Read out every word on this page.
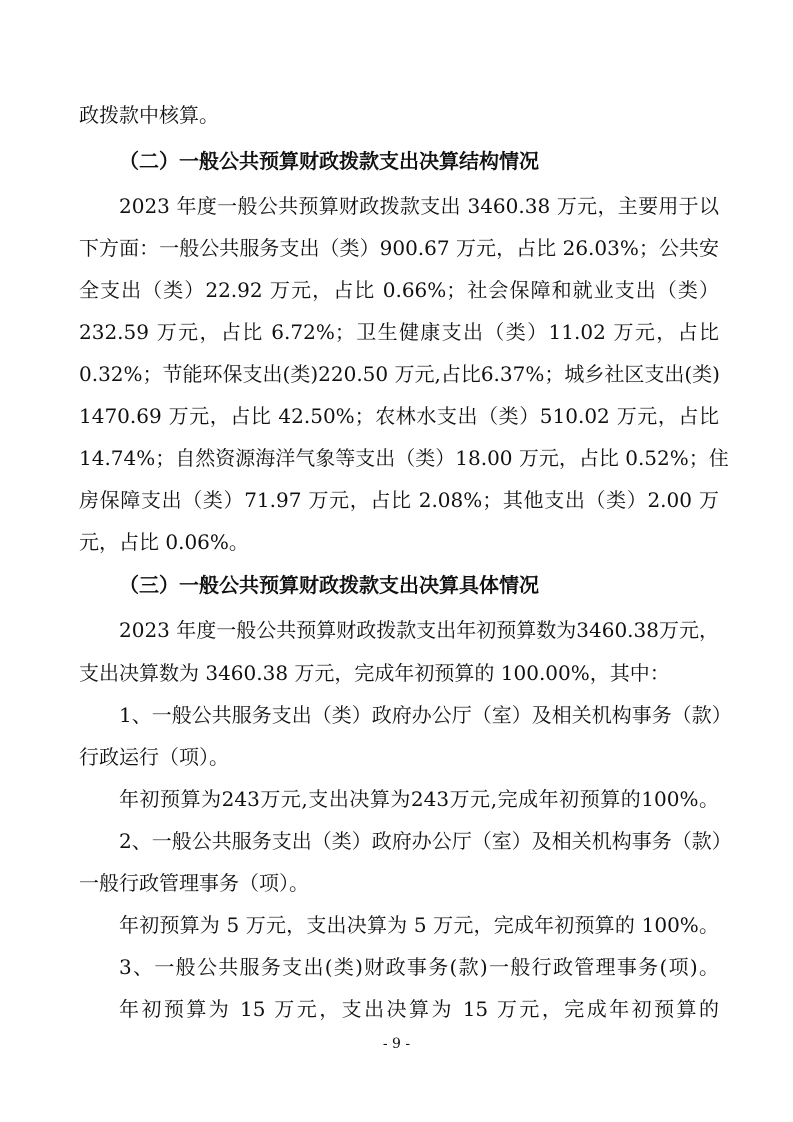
政拨款中核算。
（二）一般公共预算财政拨款支出决算结构情况
2023 年度一般公共预算财政拨款支出 3460.38 万元，主要用于以
下方面：一般公共服务支出（类）900.67 万元，占比 26.03%；公共安
全支出（类）22.92 万元，占比 0.66%；社会保障和就业支出（类）
232.59 万元，占比 6.72%；卫生健康支出（类）11.02 万元，占比
0.32%；节能环保支出(类)220.50 万元,占比6.37%；城乡社区支出(类)
1470.69 万元，占比 42.50%；农林水支出（类）510.02 万元，占比
14.74%；自然资源海洋气象等支出（类）18.00 万元，占比 0.52%；住
房保障支出（类）71.97 万元，占比 2.08%；其他支出（类）2.00 万
元，占比 0.06%。
（三）一般公共预算财政拨款支出决算具体情况
2023 年度一般公共预算财政拨款支出年初预算数为3460.38万元，
支出决算数为 3460.38 万元，完成年初预算的 100.00%，其中：
1、一般公共服务支出（类）政府办公厅（室）及相关机构事务（款）
行政运行（项）。
年初预算为243万元,支出决算为243万元,完成年初预算的100%。
2、一般公共服务支出（类）政府办公厅（室）及相关机构事务（款）
一般行政管理事务（项）。
年初预算为 5 万元，支出决算为 5 万元，完成年初预算的 100%。
3、一般公共服务支出(类)财政事务(款)一般行政管理事务(项)。
年初预算为 15 万元，支出决算为 15 万元，完成年初预算的
- 9 -
